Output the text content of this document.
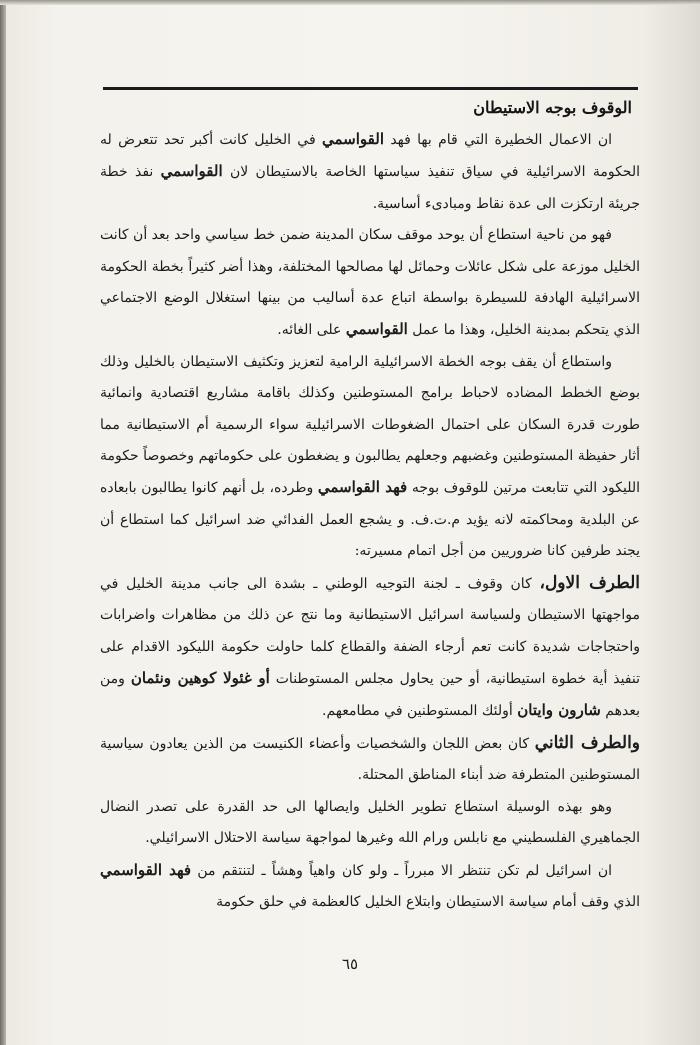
الوقوف بوجه الاستيطان

ان الاعمال الخطيرة التي قام بها فهد القواسمي في الخليل كانت أكبر تحد تتعرض له الحكومة الاسرائيلية في سياق تنفيذ سياستها الخاصة بالاستيطان لان القواسمي نفذ خطة جريئة ارتكزت الى عدة نقاط ومبادىء أساسية.

فهو من ناحية استطاع أن يوحد موقف سكان المدينة ضمن خط سياسي واحد بعد أن كانت الخليل موزعة على شكل عائلات وحمائل لها مصالحها المختلفة، وهذا أضر كثيراً بخطة الحكومة الاسرائيلية الهادفة للسيطرة بواسطة اتباع عدة أساليب من بينها استغلال الوضع الاجتماعي الذي يتحكم بمدينة الخليل، وهذا ما عمل القواسمي على الغائه.

واستطاع أن يقف بوجه الخطة الاسرائيلية الرامية لتعزيز وتكثيف الاستيطان بالخليل وذلك بوضع الخطط المضاده لاحباط برامج المستوطنين وكذلك باقامة مشاريع اقتصادية وانمائية طورت قدرة السكان على احتمال الضغوطات الاسرائيلية سواء الرسمية أم الاستيطانية مما أثار حفيظة المستوطنين وغضبهم وجعلهم يطالبون و يضغطون على حكوماتهم وخصوصاً حكومة الليكود التي تتابعت مرتين للوقوف بوجه فهد القواسمي وطرده، بل أنهم كانوا يطالبون بابعاده عن البلدية ومحاكمته لانه يؤيد م.ت.ف. و يشجع العمل الفدائي ضد اسرائيل كما استطاع أن يجند طرفين كانا ضروريين من أجل اتمام مسيرته:

الطرف الاول، كان وقوف ـ لجنة التوجيه الوطني ـ بشدة الى جانب مدينة الخليل في مواجهتها الاستيطان ولسياسة اسرائيل الاستيطانية وما نتج عن ذلك من مظاهرات واضرابات واحتجاجات شديدة كانت تعم أرجاء الضفة والقطاع كلما حاولت حكومة الليكود الاقدام على تنفيذ أية خطوة استيطانية، أو حين يحاول مجلس المستوطنات أو غئولا كوهين ونئمان ومن بعدهم شارون وايتان أولئك المستوطنين في مطامعهم.

والطرف الثاني كان بعض اللجان والشخصيات وأعضاء الكنيست من الذين يعادون سياسية المستوطنين المتطرفة ضد أبناء المناطق المحتلة.

وهو بهذه الوسيلة استطاع تطوير الخليل وايصالها الى حد القدرة على تصدر النضال الجماهيري الفلسطيني مع نابلس ورام الله وغيرها لمواجهة سياسة الاحتلال الاسرائيلي.

ان اسرائيل لم تكن تنتظر الا مبرراً ـ ولو كان واهياً وهشاً ـ لتنتقم من فهد القواسمي الذي وقف أمام سياسة الاستيطان وابتلاع الخليل كالعظمة في حلق حكومة

٦٥
